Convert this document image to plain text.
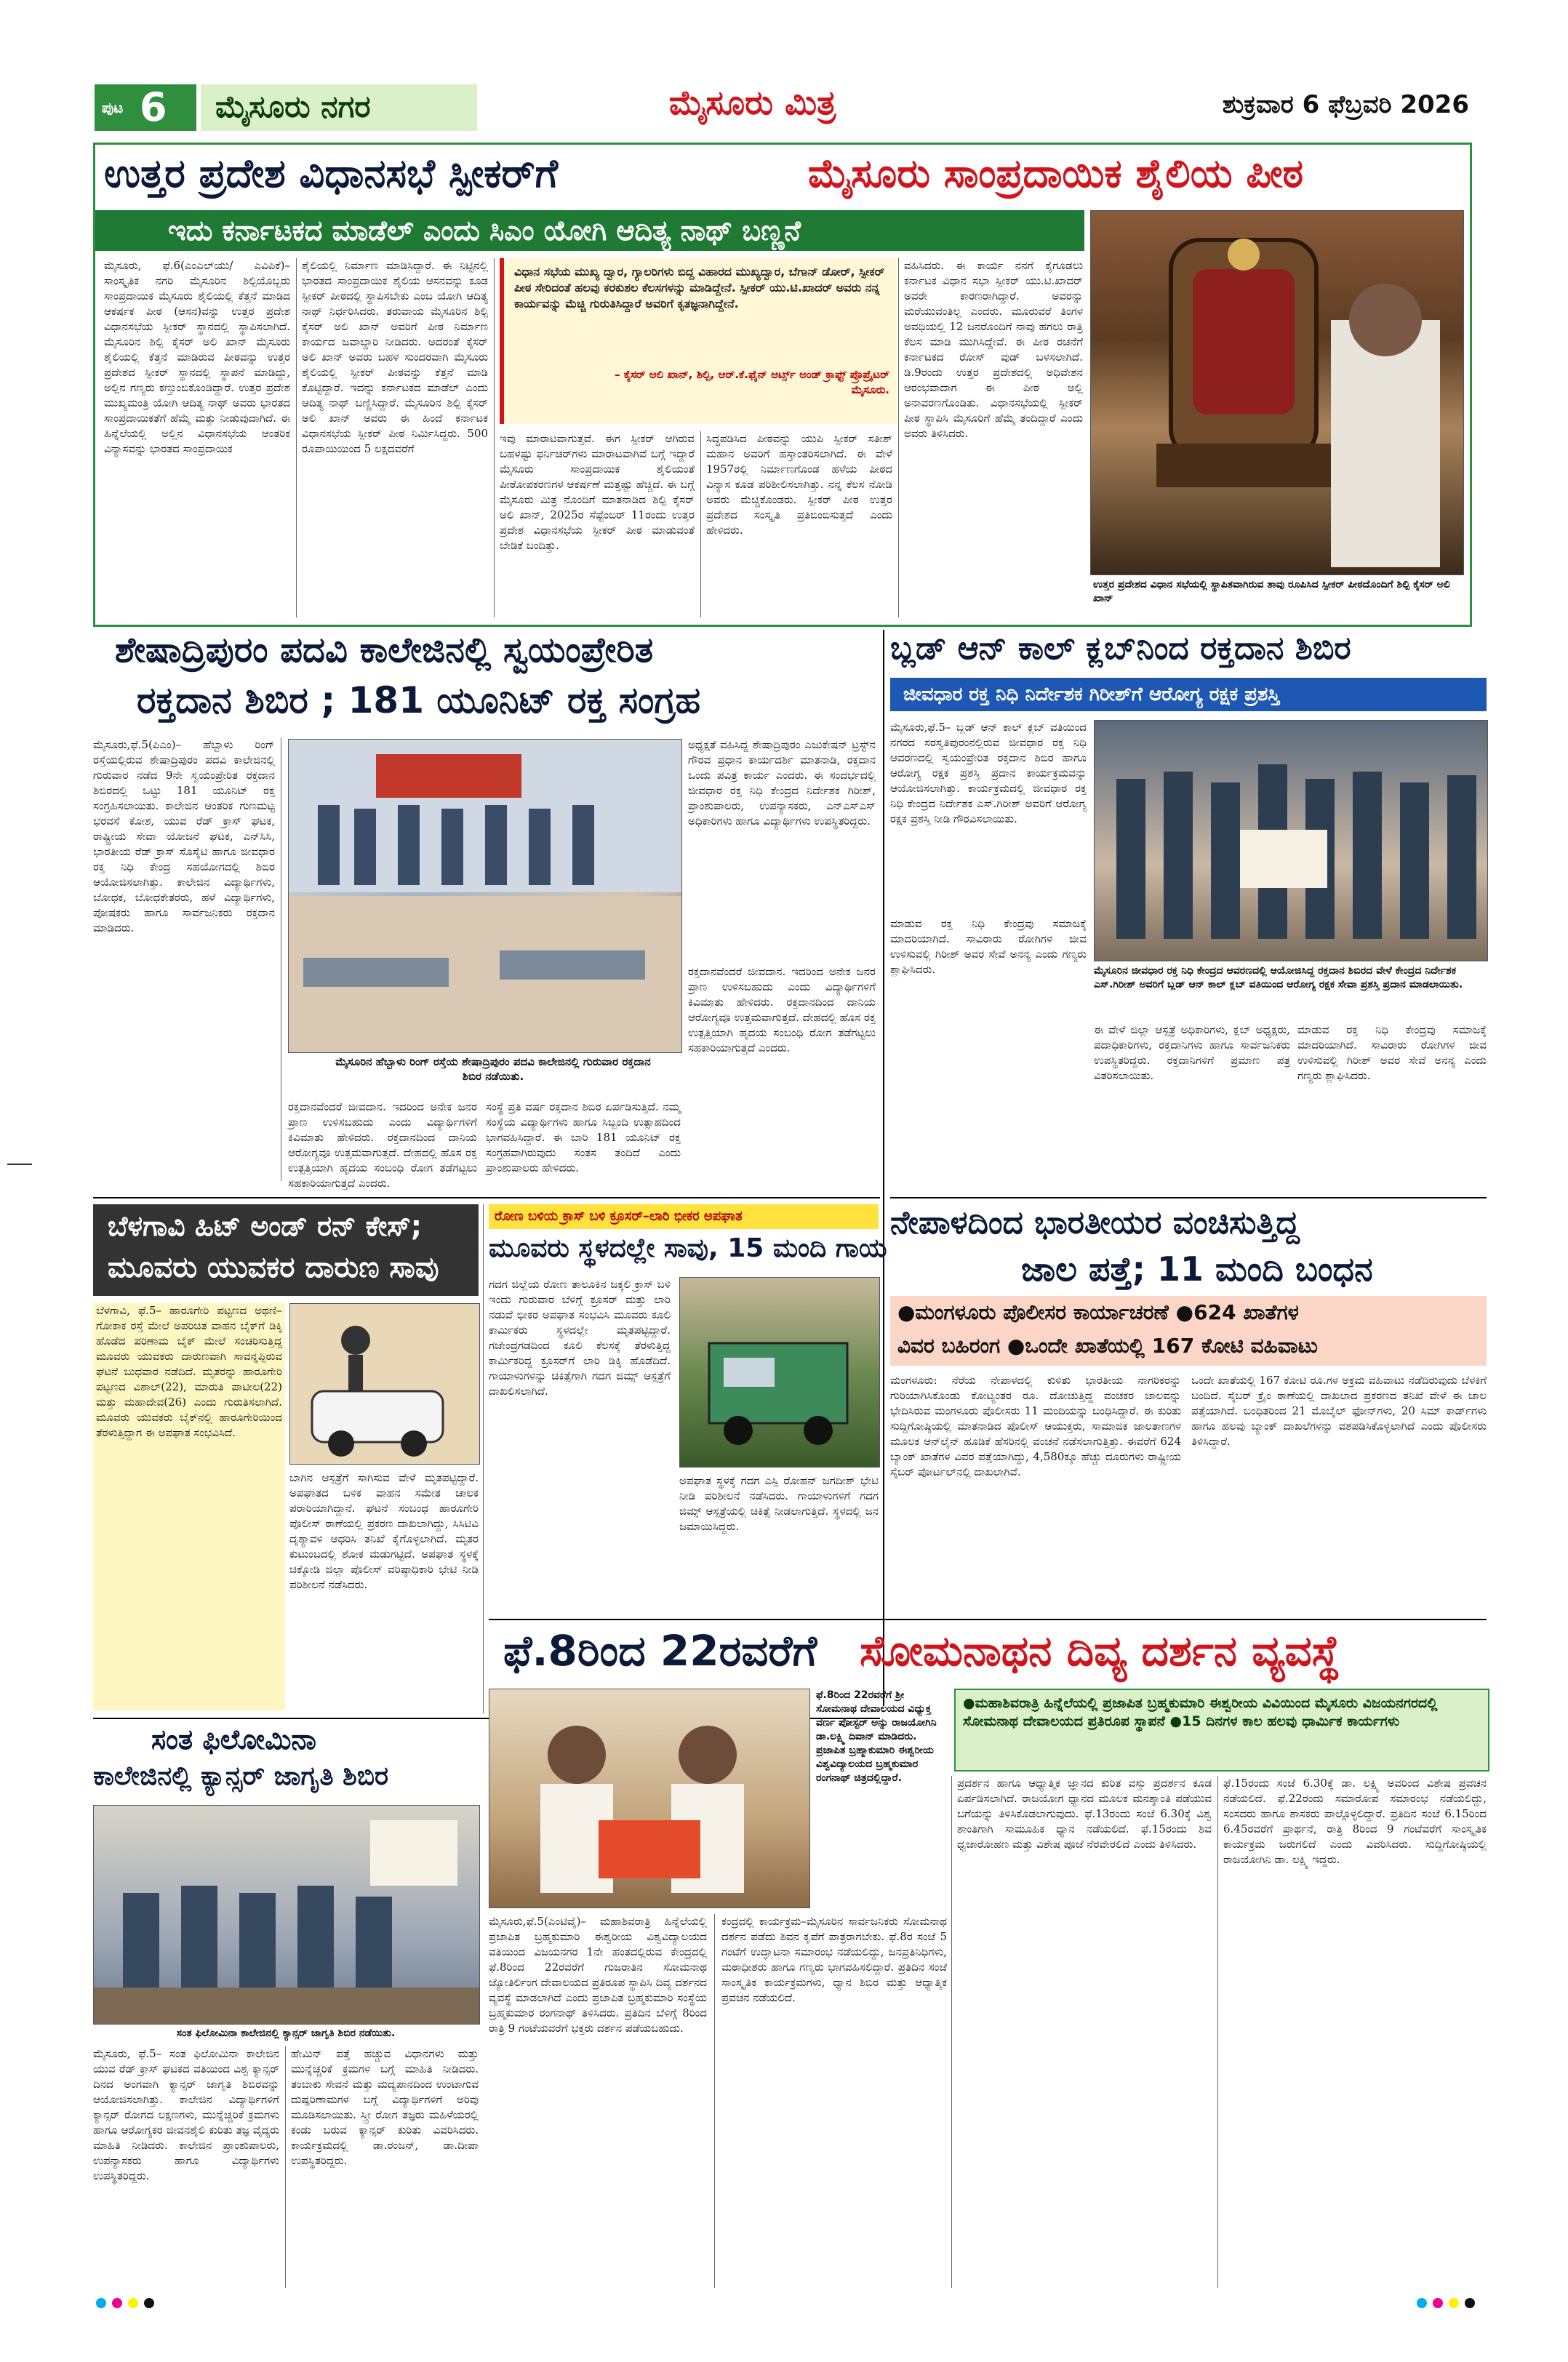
ಪುಟ 6 ಮೈಸೂರು ನಗರ	ಮೈಸೂರು ಮಿತ್ರ	ಶುಕ್ರವಾರ 6 ಫೆಬ್ರವರಿ 2026
ಉತ್ತರ ಪ್ರದೇಶ ವಿಧಾನಸಭೆ ಸ್ಪೀಕರ್‌ಗೆ	ಮೈಸೂರು ಸಾಂಪ್ರದಾಯಿಕ ಶೈಲಿಯ ಪೀಠ
ಇದು ಕರ್ನಾಟಕದ ಮಾಡೆಲ್ ಎಂದು ಸಿಎಂ ಯೋಗಿ ಆದಿತ್ಯ ನಾಥ್ ಬಣ್ಣನೆ
ಮೈಸೂರು, ಫೆ.6(ಎಂಎಲ್‌ಯು/ ಎವಿಪಿಕೆ)– ಸಾಂಸ್ಕೃತಿಕ ನಗರಿ ಮೈಸೂರಿನ ಶಿಲ್ಪಿಯೊಬ್ಬರು ಸಾಂಪ್ರದಾಯಿಕ ಮೈಸೂರು ಶೈಲಿಯಲ್ಲಿ ಕೆತ್ತನೆ ಮಾಡಿದ ಆಕರ್ಷಕ ಪೀಠ (ಆಸನ)ವನ್ನು ಉತ್ತರ ಪ್ರದೇಶ ವಿಧಾನಸಭೆಯ ಸ್ಪೀಕರ್ ಸ್ಥಾನದಲ್ಲಿ ಸ್ಥಾಪಿಸಲಾಗಿದೆ. ಮೈಸೂರಿನ ಶಿಲ್ಪಿ ಕೈಸರ್ ಅಲಿ ಖಾನ್ ಮೈಸೂರು ಶೈಲಿಯಲ್ಲಿ ಕೆತ್ತನೆ ಮಾಡಿರುವ ಪೀಠವನ್ನು ಉತ್ತರ ಪ್ರದೇಶದ ಸ್ಪೀಕರ್ ಸ್ಥಾನದಲ್ಲಿ ಸ್ಥಾಪನೆ ಮಾಡಿದ್ದು, ಅಲ್ಲಿನ ಗಣ್ಯರು ಕಣ್ತುಂಬಿಕೊಂಡಿದ್ದಾರೆ. ಉತ್ತರ ಪ್ರದೇಶ ಮುಖ್ಯಮಂತ್ರಿ ಯೋಗಿ ಆದಿತ್ಯ ನಾಥ್ ಅವರು ಭಾರತದ ಸಾಂಪ್ರದಾಯಿಕತೆಗೆ ಹೆಮ್ಮೆ ಮತ್ತು ನೀಡುವುದಾಗಿದೆ. ಈ ಹಿನ್ನೆಲೆಯಲ್ಲಿ ಅಲ್ಲಿನ ವಿಧಾನಸಭೆಯ ಆಂತರಿಕ ವಿನ್ಯಾಸವನ್ನು ಭಾರತದ ಸಾಂಪ್ರದಾಯಿಕ
ಶೈಲಿಯಲ್ಲಿ ನಿರ್ಮಾಣ ಮಾಡಿಸಿದ್ದಾರೆ. ಈ ನಿಟ್ಟಿನಲ್ಲಿ ಭಾರತದ ಸಾಂಪ್ರದಾಯಿಕ ಶೈಲಿಯ ಆಸನವನ್ನು ಕೂಡ ಸ್ಪೀಕರ್ ಪೀಠದಲ್ಲಿ ಸ್ಥಾಪಿಸಬೇಕು ಎಂಬ ಯೋಗಿ ಆದಿತ್ಯ ನಾಥ್ ನಿರ್ಧರಿಸಿದರು. ತರುವಾಯ ಮೈಸೂರಿನ ಶಿಲ್ಪಿ ಕೈಸರ್ ಅಲಿ ಖಾನ್ ಅವರಿಗೆ ಪೀಠ ನಿರ್ಮಾಣ ಕಾರ್ಯದ ಜವಾಬ್ದಾರಿ ನೀಡಿದರು. ಅದರಂತೆ ಕೈಸರ್ ಅಲಿ ಖಾನ್ ಅವರು ಬಹಳ ಸುಂದರವಾಗಿ ಮೈಸೂರು ಶೈಲಿಯಲ್ಲಿ ಸ್ಪೀಕರ್ ಪೀಠವನ್ನು ಕೆತ್ತನೆ ಮಾಡಿ ಕೊಟ್ಟಿದ್ದಾರೆ. ಇದನ್ನು ಕರ್ನಾಟಕದ ಮಾಡೆಲ್ ಎಂದು ಆದಿತ್ಯ ನಾಥ್ ಬಣ್ಣಿಸಿದ್ದಾರೆ. ಮೈಸೂರಿನ ಶಿಲ್ಪಿ ಕೈಸರ್ ಅಲಿ ಖಾನ್ ಅವರು ಈ ಹಿಂದೆ ಕರ್ನಾಟಕ ವಿಧಾನಸಭೆಯ ಸ್ಪೀಕರ್ ಪೀಠ ನಿರ್ಮಿಸಿದ್ದರು. 500 ರೂಪಾಯಿಯಿಂದ 5 ಲಕ್ಷದವರೆಗೆ
ವಿಧಾನ ಸಭೆಯ ಮುಖ್ಯ ದ್ವಾರ, ಗ್ಯಾಲರಿಗಳು ಬಿದ್ದ ವಿಹಾರದ ಮುಖ್ಯದ್ವಾರ, ಬೆಗಾನ್ ಡೋರ್, ಸ್ಪೀಕರ್ ಪೀಠ ಸೇರಿದಂತೆ ಹಲವು ಕರಕುಶಲ ಕೆಲಸಗಳನ್ನು ಮಾಡಿದ್ದೇನೆ. ಸ್ಪೀಕರ್ ಯು.ಟಿ.ಖಾದರ್ ಅವರು ನನ್ನ ಕಾರ್ಯವನ್ನು ಮೆಚ್ಚಿ ಗುರುತಿಸಿದ್ದಾರೆ ಅವರಿಗೆ ಕೃತಜ್ಞನಾಗಿದ್ದೇನೆ.
– ಕೈಸರ್ ಅಲಿ ಖಾನ್, ಶಿಲ್ಪಿ, ಆರ್.ಕೆ.ಫೈನ್ ಆರ್ಟ್ಸ್ ಅಂಡ್ ಕ್ರಾಫ್ಟ್ ಪ್ರೊಪ್ರೈಟರ್ ಮೈಸೂರು.
ಇವು ಮಾರಾಟವಾಗುತ್ತವೆ. ಈಗ ಸ್ಪೀಕರ್ ಆಗಿರುವ ಬಹಳಷ್ಟು ಫರ್ನಿಚರ್‌ಗಳು ಮಾರಾಟವಾಗಿವೆ ಬಗ್ಗೆ ಇದ್ದಾರೆ ಮೈಸೂರು ಸಾಂಪ್ರದಾಯಿಕ ಶೈಲಿಯಂತೆ ಪೀಠೋಪಕರಣಗಳ ಆಕರ್ಷಣೆ ಮತ್ತಷ್ಟು ಹೆಚ್ಚಿದೆ. ಈ ಬಗ್ಗೆ ಮೈಸೂರು ಮಿತ್ರ ನೊಂದಿಗೆ ಮಾತನಾಡಿದ ಶಿಲ್ಪಿ ಕೈಸರ್ ಅಲಿ ಖಾನ್, 2025ರ ಸೆಪ್ಟೆಂಬರ್ 11ರಂದು ಉತ್ತರ ಪ್ರದೇಶ ವಿಧಾನಸಭೆಯ ಸ್ಪೀಕರ್ ಪೀಠ ಮಾಡುವಂತೆ ಬೇಡಿಕೆ ಬಂದಿತ್ತು.
ಸಿದ್ಧಪಡಿಸಿದ ಪೀಠವನ್ನು ಯುಪಿ ಸ್ಪೀಕರ್ ಸತೀಶ್ ಮಹಾನ ಅವರಿಗೆ ಹಸ್ತಾಂತರಿಸಲಾಗಿದೆ. ಈ ವೇಳೆ 1957ರಲ್ಲಿ ನಿರ್ಮಾಣಗೊಂಡ ಹಳೆಯ ಪೀಠದ ವಿನ್ಯಾಸ ಕೂಡ ಪರಿಶೀಲಿಸಲಾಗಿತ್ತು. ನನ್ನ ಕೆಲಸ ನೋಡಿ ಅವರು ಮೆಚ್ಚಿಕೊಂಡರು. ಸ್ಪೀಕರ್ ಪೀಠ ಉತ್ತರ ಪ್ರದೇಶದ ಸಂಸ್ಕೃತಿ ಪ್ರತಿಬಿಂಬಿಸುತ್ತದೆ ಎಂದು ಹೇಳಿದರು.
ವಹಿಸಿದರು. ಈ ಕಾರ್ಯ ನನಗೆ ಕೈಗೂಡಲು ಕರ್ನಾಟಕ ವಿಧಾನ ಸಭಾ ಸ್ಪೀಕರ್ ಯು.ಟಿ.ಖಾದರ್ ಅವರೇ ಕಾರಣರಾಗಿದ್ದಾರೆ. ಅವರನ್ನು ಮರೆಯುವಂತಿಲ್ಲ ಎಂದರು. ಮೂರುವರೆ ತಿಂಗಳ ಅವಧಿಯಲ್ಲಿ 12 ಜನರೊಂದಿಗೆ ನಾವು ಹಗಲು ರಾತ್ರಿ ಕೆಲಸ ಮಾಡಿ ಮುಗಿಸಿದ್ದೇವೆ. ಈ ಪೀಠ ರಚನೆಗೆ ಕರ್ನಾಟಕದ ರೋಸ್ ವುಡ್ ಬಳಸಲಾಗಿದೆ. ಡಿ.9ರಂದು ಉತ್ತರ ಪ್ರದೇಶದಲ್ಲಿ ಅಧಿವೇಶನ ಆರಂಭವಾದಾಗ ಈ ಪೀಠ ಅಲ್ಲಿ ಅನಾವರಣಗೊಂಡಿತು. ವಿಧಾನಸಭೆಯಲ್ಲಿ ಸ್ಪೀಕರ್ ಪೀಠ ಸ್ಥಾಪಿಸಿ ಮೈಸೂರಿಗೆ ಹೆಮ್ಮೆ ತಂದಿದ್ದಾರೆ ಎಂದು ಅವರು ತಿಳಿಸಿದರು.
ಉತ್ತರ ಪ್ರದೇಶದ ವಿಧಾನ ಸಭೆಯಲ್ಲಿ ಸ್ಥಾಪಿತವಾಗಿರುವ ತಾವು ರೂಪಿಸಿದ ಸ್ಪೀಕರ್ ಪೀಠದೊಂದಿಗೆ ಶಿಲ್ಪಿ ಕೈಸರ್ ಅಲಿ ಖಾನ್
ಶೇಷಾದ್ರಿಪುರಂ ಪದವಿ ಕಾಲೇಜಿನಲ್ಲಿ ಸ್ವಯಂಪ್ರೇರಿತ
ರಕ್ತದಾನ ಶಿಬಿರ ; 181 ಯೂನಿಟ್ ರಕ್ತ ಸಂಗ್ರಹ
ಮೈಸೂರು,ಫೆ.5(ಪಿಎಂ)– ಹೆಬ್ಬಾಳು ರಿಂಗ್ ರಸ್ತೆಯಲ್ಲಿರುವ ಶೇಷಾದ್ರಿಪುರಂ ಪದವಿ ಕಾಲೇಜಿನಲ್ಲಿ ಗುರುವಾರ ನಡೆದ 9ನೇ ಸ್ವಯಂಪ್ರೇರಿತ ರಕ್ತದಾನ ಶಿಬಿರದಲ್ಲಿ ಒಟ್ಟು 181 ಯೂನಿಟ್ ರಕ್ತ ಸಂಗ್ರಹಿಸಲಾಯಿತು. ಕಾಲೇಜಿನ ಆಂತರಿಕ ಗುಣಮಟ್ಟ ಭರವಸೆ ಕೋಶ, ಯುವ ರೆಡ್ ಕ್ರಾಸ್ ಘಟಕ, ರಾಷ್ಟ್ರೀಯ ಸೇವಾ ಯೋಜನೆ ಘಟಕ, ಎನ್‌ಸಿಸಿ, ಭಾರತೀಯ ರೆಡ್ ಕ್ರಾಸ್ ಸೊಸೈಟಿ ಹಾಗೂ ಜೀವಧಾರ ರಕ್ತ ನಿಧಿ ಕೇಂದ್ರ ಸಹಯೋಗದಲ್ಲಿ ಶಿಬಿರ ಆಯೋಜಿಸಲಾಗಿತ್ತು. ಕಾಲೇಜಿನ ವಿದ್ಯಾರ್ಥಿಗಳು, ಬೋಧಕ, ಬೋಧಕೇತರರು, ಹಳೆ ವಿದ್ಯಾರ್ಥಿಗಳು, ಪೋಷಕರು ಹಾಗೂ ಸಾರ್ವಜನಿಕರು ರಕ್ತದಾನ ಮಾಡಿದರು.
ಮೈಸೂರಿನ ಹೆಬ್ಬಾಳು ರಿಂಗ್ ರಸ್ತೆಯ ಶೇಷಾದ್ರಿಪುರಂ ಪದವಿ ಕಾಲೇಜಿನಲ್ಲಿ ಗುರುವಾರ ರಕ್ತದಾನ ಶಿಬಿರ ನಡೆಯಿತು.
ಅಧ್ಯಕ್ಷತೆ ವಹಿಸಿದ್ದ ಶೇಷಾದ್ರಿಪುರಂ ಎಜುಕೇಷನ್ ಟ್ರಸ್ಟ್‌ನ ಗೌರವ ಪ್ರಧಾನ ಕಾರ್ಯದರ್ಶಿ ಮಾತನಾಡಿ, ರಕ್ತದಾನ ಒಂದು ಪವಿತ್ರ ಕಾರ್ಯ ಎಂದರು. ಈ ಸಂದರ್ಭದಲ್ಲಿ ಜೀವಧಾರ ರಕ್ತ ನಿಧಿ ಕೇಂದ್ರದ ನಿರ್ದೇಶಕ ಗಿರೀಶ್, ಪ್ರಾಂಶುಪಾಲರು, ಉಪನ್ಯಾಸಕರು, ಎನ್‌ಎಸ್‌ಎಸ್ ಅಧಿಕಾರಿಗಳು ಹಾಗೂ ವಿದ್ಯಾರ್ಥಿಗಳು ಉಪಸ್ಥಿತರಿದ್ದರು.
ರಕ್ತದಾನವೆಂದರೆ ಜೀವದಾನ. ಇದರಿಂದ ಅನೇಕ ಜನರ ಪ್ರಾಣ ಉಳಿಸಬಹುದು ಎಂದು ವಿದ್ಯಾರ್ಥಿಗಳಿಗೆ ಕಿವಿಮಾತು ಹೇಳಿದರು. ರಕ್ತದಾನದಿಂದ ದಾನಿಯ ಆರೋಗ್ಯವೂ ಉತ್ತಮವಾಗುತ್ತದೆ. ದೇಹದಲ್ಲಿ ಹೊಸ ರಕ್ತ ಉತ್ಪತ್ತಿಯಾಗಿ ಹೃದಯ ಸಂಬಂಧಿ ರೋಗ ತಡೆಗಟ್ಟಲು ಸಹಕಾರಿಯಾಗುತ್ತದೆ ಎಂದರು.
ಸಂಸ್ಥೆ ಪ್ರತಿ ವರ್ಷ ರಕ್ತದಾನ ಶಿಬಿರ ಏರ್ಪಡಿಸುತ್ತಿದೆ. ನಮ್ಮ ಸಂಸ್ಥೆಯ ವಿದ್ಯಾರ್ಥಿಗಳು ಹಾಗೂ ಸಿಬ್ಬಂದಿ ಉತ್ಸಾಹದಿಂದ ಭಾಗವಹಿಸಿದ್ದಾರೆ. ಈ ಬಾರಿ 181 ಯೂನಿಟ್ ರಕ್ತ ಸಂಗ್ರಹವಾಗಿರುವುದು ಸಂತಸ ತಂದಿದೆ ಎಂದು ಪ್ರಾಂಶುಪಾಲರು ಹೇಳಿದರು.
ರಕ್ತದಾನವೆಂದರೆ ಜೀವದಾನ. ಇದರಿಂದ ಅನೇಕ ಜನರ ಪ್ರಾಣ ಉಳಿಸಬಹುದು ಎಂದು ವಿದ್ಯಾರ್ಥಿಗಳಿಗೆ ಕಿವಿಮಾತು ಹೇಳಿದರು. ರಕ್ತದಾನದಿಂದ ದಾನಿಯ ಆರೋಗ್ಯವೂ ಉತ್ತಮವಾಗುತ್ತದೆ. ದೇಹದಲ್ಲಿ ಹೊಸ ರಕ್ತ ಉತ್ಪತ್ತಿಯಾಗಿ ಹೃದಯ ಸಂಬಂಧಿ ರೋಗ ತಡೆಗಟ್ಟಲು ಸಹಕಾರಿಯಾಗುತ್ತದೆ ಎಂದರು.
ಬ್ಲಡ್ ಆನ್ ಕಾಲ್ ಕ್ಲಬ್‌ನಿಂದ ರಕ್ತದಾನ ಶಿಬಿರ
ಜೀವಧಾರ ರಕ್ತ ನಿಧಿ ನಿರ್ದೇಶಕ ಗಿರೀಶ್‌ಗೆ ಆರೋಗ್ಯ ರಕ್ಷಕ ಪ್ರಶಸ್ತಿ
ಮೈಸೂರು,ಫೆ.5– ಬ್ಲಡ್ ಆನ್ ಕಾಲ್ ಕ್ಲಬ್ ವತಿಯಿಂದ ನಗರದ ಸರಸ್ವತಿಪುರಂನಲ್ಲಿರುವ ಜೀವಧಾರ ರಕ್ತ ನಿಧಿ ಆವರಣದಲ್ಲಿ ಸ್ವಯಂಪ್ರೇರಿತ ರಕ್ತದಾನ ಶಿಬಿರ ಹಾಗೂ ಆರೋಗ್ಯ ರಕ್ಷಕ ಪ್ರಶಸ್ತಿ ಪ್ರದಾನ ಕಾರ್ಯಕ್ರಮವನ್ನು ಆಯೋಜಿಸಲಾಗಿತ್ತು. ಕಾರ್ಯಕ್ರಮದಲ್ಲಿ ಜೀವಧಾರ ರಕ್ತ ನಿಧಿ ಕೇಂದ್ರದ ನಿರ್ದೇಶಕ ಎಸ್.ಗಿರೀಶ್ ಅವರಿಗೆ ಆರೋಗ್ಯ ರಕ್ಷಕ ಪ್ರಶಸ್ತಿ ನೀಡಿ ಗೌರವಿಸಲಾಯಿತು.
ಮೈಸೂರಿನ ಜೀವಧಾರ ರಕ್ತ ನಿಧಿ ಕೇಂದ್ರದ ಆವರಣದಲ್ಲಿ ಆಯೋಜಿಸಿದ್ದ ರಕ್ತದಾನ ಶಿಬಿರದ ವೇಳೆ ಕೇಂದ್ರದ ನಿರ್ದೇಶಕ ಎಸ್.ಗಿರೀಶ್ ಅವರಿಗೆ ಬ್ಲಡ್ ಆನ್ ಕಾಲ್ ಕ್ಲಬ್ ವತಿಯಿಂದ ಆರೋಗ್ಯ ರಕ್ಷಕ ಸೇವಾ ಪ್ರಶಸ್ತಿ ಪ್ರದಾನ ಮಾಡಲಾಯಿತು.
ಮಾಡುವ ರಕ್ತ ನಿಧಿ ಕೇಂದ್ರವು ಸಮಾಜಕ್ಕೆ ಮಾದರಿಯಾಗಿದೆ. ಸಾವಿರಾರು ರೋಗಿಗಳ ಜೀವ ಉಳಿಸುವಲ್ಲಿ ಗಿರೀಶ್ ಅವರ ಸೇವೆ ಅನನ್ಯ ಎಂದು ಗಣ್ಯರು ಶ್ಲಾಘಿಸಿದರು.
ಈ ವೇಳೆ ಜಿಲ್ಲಾ ಆಸ್ಪತ್ರೆ ಅಧಿಕಾರಿಗಳು, ಕ್ಲಬ್ ಅಧ್ಯಕ್ಷರು, ಪದಾಧಿಕಾರಿಗಳು, ರಕ್ತದಾನಿಗಳು ಹಾಗೂ ಸಾರ್ವಜನಿಕರು ಉಪಸ್ಥಿತರಿದ್ದರು. ರಕ್ತದಾನಿಗಳಿಗೆ ಪ್ರಮಾಣ ಪತ್ರ ವಿತರಿಸಲಾಯಿತು.
ಮಾಡುವ ರಕ್ತ ನಿಧಿ ಕೇಂದ್ರವು ಸಮಾಜಕ್ಕೆ ಮಾದರಿಯಾಗಿದೆ. ಸಾವಿರಾರು ರೋಗಿಗಳ ಜೀವ ಉಳಿಸುವಲ್ಲಿ ಗಿರೀಶ್ ಅವರ ಸೇವೆ ಅನನ್ಯ ಎಂದು ಗಣ್ಯರು ಶ್ಲಾಘಿಸಿದರು.
ಬೆಳಗಾವಿ ಹಿಟ್ ಅಂಡ್ ರನ್ ಕೇಸ್;
ಮೂವರು ಯುವಕರ ದಾರುಣ ಸಾವು
ಬೆಳಗಾವಿ, ಫೆ.5– ಹಾರೂಗೇರಿ ಪಟ್ಟಣದ ಅಥಣಿ–ಗೋಕಾಕ ರಸ್ತೆ ಮೇಲೆ ಅಪರಿಚಿತ ವಾಹನ ಬೈಕ್‌ಗೆ ಡಿಕ್ಕಿ ಹೊಡೆದ ಪರಿಣಾಮ ಬೈಕ್ ಮೇಲೆ ಸಂಚರಿಸುತ್ತಿದ್ದ ಮೂವರು ಯುವಕರು ದಾರುಣವಾಗಿ ಸಾವನ್ನಪ್ಪಿರುವ ಘಟನೆ ಬುಧವಾರ ನಡೆದಿದೆ. ಮೃತರನ್ನು ಹಾರೂಗೇರಿ ಪಟ್ಟಣದ ವಿಶಾಲ್(22), ಮಾರುತಿ ಪಾಟೀಲ(22) ಮತ್ತು ಮಹಾದೇವ(26) ಎಂದು ಗುರುತಿಸಲಾಗಿದೆ. ಮೂವರು ಯುವಕರು ಬೈಕ್‌ನಲ್ಲಿ ಹಾರೂಗೇರಿಯಿಂದ ತೆರಳುತ್ತಿದ್ದಾಗ ಈ ಅಪಘಾತ ಸಂಭವಿಸಿದೆ.
ಬಾಗಿನ ಆಸ್ಪತ್ರೆಗೆ ಸಾಗಿಸುವ ವೇಳೆ ಮೃತಪಟ್ಟಿದ್ದಾರೆ. ಅಪಘಾತದ ಬಳಿಕ ವಾಹನ ಸಮೇತ ಚಾಲಕ ಪರಾರಿಯಾಗಿದ್ದಾನೆ. ಘಟನೆ ಸಂಬಂಧ ಹಾರೂಗೇರಿ ಪೊಲೀಸ್ ಠಾಣೆಯಲ್ಲಿ ಪ್ರಕರಣ ದಾಖಲಾಗಿದ್ದು, ಸಿಸಿಟಿವಿ ದೃಶ್ಯಾವಳಿ ಆಧರಿಸಿ ತನಿಖೆ ಕೈಗೊಳ್ಳಲಾಗಿದೆ. ಮೃತರ ಕುಟುಂಬದಲ್ಲಿ ಶೋಕ ಮಡುಗಟ್ಟಿದೆ. ಅಪಘಾತ ಸ್ಥಳಕ್ಕೆ ಚಿಕ್ಕೋಡಿ ಜಿಲ್ಲಾ ಪೊಲೀಸ್ ವರಿಷ್ಠಾಧಿಕಾರಿ ಭೇಟಿ ನೀಡಿ ಪರಿಶೀಲನೆ ನಡೆಸಿದರು.
ರೋಣ ಬಳಿಯ ಕ್ರಾಸ್ ಬಳಿ ಕ್ರೂಸರ್–ಲಾರಿ ಭೀಕರ ಅಪಘಾತ
ಮೂವರು ಸ್ಥಳದಲ್ಲೇ ಸಾವು, 15 ಮಂದಿ ಗಾಯ
ಗದಗ ಜಿಲ್ಲೆಯ ರೋಣ ತಾಲೂಕಿನ ಜಕ್ಕಲಿ ಕ್ರಾಸ್ ಬಳಿ ಇಂದು ಗುರುವಾರ ಬೆಳಿಗ್ಗೆ ಕ್ರೂಸರ್ ಮತ್ತು ಲಾರಿ ನಡುವೆ ಭೀಕರ ಅಪಘಾತ ಸಂಭವಿಸಿ ಮೂವರು ಕೂಲಿ ಕಾರ್ಮಿಕರು ಸ್ಥಳದಲ್ಲೇ ಮೃತಪಟ್ಟಿದ್ದಾರೆ. ಗಜೇಂದ್ರಗಡದಿಂದ ಕೂಲಿ ಕೆಲಸಕ್ಕೆ ತೆರಳುತ್ತಿದ್ದ ಕಾರ್ಮಿಕರಿದ್ದ ಕ್ರೂಸರ್‌ಗೆ ಲಾರಿ ಡಿಕ್ಕಿ ಹೊಡೆದಿದೆ. ಗಾಯಾಳುಗಳನ್ನು ಚಿಕಿತ್ಸೆಗಾಗಿ ಗದಗ ಜಿಮ್ಸ್ ಆಸ್ಪತ್ರೆಗೆ ದಾಖಲಿಸಲಾಗಿದೆ.
ಅಪಘಾತ ಸ್ಥಳಕ್ಕೆ ಗದಗ ಎಸ್ಪಿ ರೋಹನ್ ಜಗದೀಶ್ ಭೇಟಿ ನೀಡಿ ಪರಿಶೀಲನೆ ನಡೆಸಿದರು. ಗಾಯಾಳುಗಳಿಗೆ ಗದಗ ಜಿಮ್ಸ್ ಆಸ್ಪತ್ರೆಯಲ್ಲಿ ಚಿಕಿತ್ಸೆ ನೀಡಲಾಗುತ್ತಿದೆ. ಸ್ಥಳದಲ್ಲಿ ಜನ ಜಮಾಯಿಸಿದ್ದರು.
ನೇಪಾಳದಿಂದ ಭಾರತೀಯರ ವಂಚಿಸುತ್ತಿದ್ದ
ಜಾಲ ಪತ್ತೆ; 11 ಮಂದಿ ಬಂಧನ
●ಮಂಗಳೂರು ಪೊಲೀಸರ ಕಾರ್ಯಾಚರಣೆ ●624 ಖಾತೆಗಳ
ವಿವರ ಬಹಿರಂಗ ●ಒಂದೇ ಖಾತೆಯಲ್ಲಿ 167 ಕೋಟಿ ವಹಿವಾಟು
ಮಂಗಳೂರು: ನೆರೆಯ ನೇಪಾಳದಲ್ಲಿ ಕುಳಿತು ಭಾರತೀಯ ನಾಗರಿಕರನ್ನು ಗುರಿಯಾಗಿಸಿಕೊಂಡು ಕೋಟ್ಯಂತರ ರೂ. ದೋಚುತ್ತಿದ್ದ ವಂಚಕರ ಜಾಲವನ್ನು ಭೇದಿಸಿರುವ ಮಂಗಳೂರು ಪೊಲೀಸರು 11 ಮಂದಿಯನ್ನು ಬಂಧಿಸಿದ್ದಾರೆ. ಈ ಕುರಿತು ಸುದ್ದಿಗೋಷ್ಠಿಯಲ್ಲಿ ಮಾತನಾಡಿದ ಪೊಲೀಸ್ ಆಯುಕ್ತರು, ಸಾಮಾಜಿಕ ಜಾಲತಾಣಗಳ ಮೂಲಕ ಆನ್‌ಲೈನ್ ಹೂಡಿಕೆ ಹೆಸರಿನಲ್ಲಿ ವಂಚನೆ ನಡೆಸಲಾಗುತ್ತಿತ್ತು. ಈವರೆಗೆ 624 ಬ್ಯಾಂಕ್ ಖಾತೆಗಳ ವಿವರ ಪತ್ತೆಯಾಗಿದ್ದು, 4,580ಕ್ಕೂ ಹೆಚ್ಚು ದೂರುಗಳು ರಾಷ್ಟ್ರೀಯ ಸೈಬರ್ ಪೋರ್ಟಲ್‌ನಲ್ಲಿ ದಾಖಲಾಗಿವೆ.
ಒಂದೇ ಖಾತೆಯಲ್ಲಿ 167 ಕೋಟಿ ರೂ.ಗಳ ಅಕ್ರಮ ವಹಿವಾಟು ನಡೆದಿರುವುದು ಬೆಳಕಿಗೆ ಬಂದಿದೆ. ಸೈಬರ್ ಕ್ರೈಂ ಠಾಣೆಯಲ್ಲಿ ದಾಖಲಾದ ಪ್ರಕರಣದ ತನಿಖೆ ವೇಳೆ ಈ ಜಾಲ ಪತ್ತೆಯಾಗಿದೆ. ಬಂಧಿತರಿಂದ 21 ಮೊಬೈಲ್ ಫೋನ್‌ಗಳು, 20 ಸಿಮ್ ಕಾರ್ಡ್‌ಗಳು ಹಾಗೂ ಹಲವು ಬ್ಯಾಂಕ್ ದಾಖಲೆಗಳನ್ನು ವಶಪಡಿಸಿಕೊಳ್ಳಲಾಗಿದೆ ಎಂದು ಪೊಲೀಸರು ತಿಳಿಸಿದ್ದಾರೆ.
ಸಂತ ಫಿಲೋಮಿನಾ
ಕಾಲೇಜಿನಲ್ಲಿ ಕ್ಯಾನ್ಸರ್ ಜಾಗೃತಿ ಶಿಬಿರ
ಸಂತ ಫಿಲೋಮಿನಾ ಕಾಲೇಜಿನಲ್ಲಿ ಕ್ಯಾನ್ಸರ್ ಜಾಗೃತಿ ಶಿಬಿರ ನಡೆಯಿತು.
ಮೈಸೂರು, ಫೆ.5– ಸಂತ ಫಿಲೋಮಿನಾ ಕಾಲೇಜಿನ ಯುವ ರೆಡ್ ಕ್ರಾಸ್ ಘಟಕದ ವತಿಯಿಂದ ವಿಶ್ವ ಕ್ಯಾನ್ಸರ್ ದಿನದ ಅಂಗವಾಗಿ ಕ್ಯಾನ್ಸರ್ ಜಾಗೃತಿ ಶಿಬಿರವನ್ನು ಆಯೋಜಿಸಲಾಗಿತ್ತು. ಕಾಲೇಜಿನ ವಿದ್ಯಾರ್ಥಿಗಳಿಗೆ ಕ್ಯಾನ್ಸರ್ ರೋಗದ ಲಕ್ಷಣಗಳು, ಮುನ್ನೆಚ್ಚರಿಕೆ ಕ್ರಮಗಳು ಹಾಗೂ ಆರೋಗ್ಯಕರ ಜೀವನಶೈಲಿ ಕುರಿತು ತಜ್ಞ ವೈದ್ಯರು ಮಾಹಿತಿ ನೀಡಿದರು. ಕಾಲೇಜಿನ ಪ್ರಾಂಶುಪಾಲರು, ಉಪನ್ಯಾಸಕರು ಹಾಗೂ ವಿದ್ಯಾರ್ಥಿಗಳು ಉಪಸ್ಥಿತರಿದ್ದರು.
ಹೇಮಿನ್ ಪತ್ತೆ ಹಚ್ಚುವ ವಿಧಾನಗಳು ಮತ್ತು ಮುನ್ನೆಚ್ಚರಿಕೆ ಕ್ರಮಗಳ ಬಗ್ಗೆ ಮಾಹಿತಿ ನೀಡಿದರು. ತಂಬಾಕು ಸೇವನೆ ಮತ್ತು ಮದ್ಯಪಾನದಿಂದ ಉಂಟಾಗುವ ದುಷ್ಪರಿಣಾಮಗಳ ಬಗ್ಗೆ ವಿದ್ಯಾರ್ಥಿಗಳಿಗೆ ಅರಿವು ಮೂಡಿಸಲಾಯಿತು. ಸ್ತ್ರೀ ರೋಗ ತಜ್ಞರು ಮಹಿಳೆಯರಲ್ಲಿ ಕಂಡು ಬರುವ ಕ್ಯಾನ್ಸರ್ ಕುರಿತು ವಿವರಿಸಿದರು. ಕಾರ್ಯಕ್ರಮದಲ್ಲಿ ಡಾ.ರಂಜನ್, ಡಾ.ದೀಪಾ ಉಪಸ್ಥಿತರಿದ್ದರು.
ಫೆ.8ರಿಂದ 22ರವರೆಗೆ ಸೋಮನಾಥನ ದಿವ್ಯ ದರ್ಶನ ವ್ಯವಸ್ಥೆ
ಫೆ.8ರಿಂದ 22ರವರೆಗೆ ಶ್ರೀ ಸೋಮನಾಥ ದೇವಾಲಯದ ವಿಧ್ಯುಕ್ತ ವರ್ಣ ಪೋಸ್ಟರ್ ಅನ್ನು ರಾಜಯೋಗಿನಿ ಡಾ.ಲಕ್ಷ್ಮಿ ದಿವಾನ್ ಮಾಡಿದರು. ಪ್ರಜಾಪಿತ ಬ್ರಹ್ಮಾಕುಮಾರಿ ಈಶ್ವರೀಯ ವಿಶ್ವವಿದ್ಯಾಲಯದ ಬ್ರಹ್ಮಕುಮಾರ ರಂಗನಾಥ್ ಚಿತ್ರದಲ್ಲಿದ್ದಾರೆ.
●ಮಹಾಶಿವರಾತ್ರಿ ಹಿನ್ನೆಲೆಯಲ್ಲಿ ಪ್ರಜಾಪಿತ ಬ್ರಹ್ಮಕುಮಾರಿ ಈಶ್ವರೀಯ ವಿವಿಯಿಂದ ಮೈಸೂರು ವಿಜಯನಗರದಲ್ಲಿ ಸೋಮನಾಥ ದೇವಾಲಯದ ಪ್ರತಿರೂಪ ಸ್ಥಾಪನೆ ●15 ದಿನಗಳ ಕಾಲ ಹಲವು ಧಾರ್ಮಿಕ ಕಾರ್ಯಗಳು
ಮೈಸೂರು,ಫೆ.5(ಎಂಟಿವೈ)– ಮಹಾಶಿವರಾತ್ರಿ ಹಿನ್ನೆಲೆಯಲ್ಲಿ ಪ್ರಜಾಪಿತ ಬ್ರಹ್ಮಕುಮಾರಿ ಈಶ್ವರೀಯ ವಿಶ್ವವಿದ್ಯಾಲಯದ ವತಿಯಿಂದ ವಿಜಯನಗರ 1ನೇ ಹಂತದಲ್ಲಿರುವ ಕೇಂದ್ರದಲ್ಲಿ ಫೆ.8ರಿಂದ 22ರವರೆಗೆ ಗುಜರಾತಿನ ಸೋಮನಾಥ ಜ್ಯೋತಿರ್ಲಿಂಗ ದೇವಾಲಯದ ಪ್ರತಿರೂಪ ಸ್ಥಾಪಿಸಿ ದಿವ್ಯ ದರ್ಶನದ ವ್ಯವಸ್ಥೆ ಮಾಡಲಾಗಿದೆ ಎಂದು ಪ್ರಜಾಪಿತ ಬ್ರಹ್ಮಕುಮಾರಿ ಸಂಸ್ಥೆಯ ಬ್ರಹ್ಮಕುಮಾರ ರಂಗನಾಥ್ ತಿಳಿಸಿದರು. ಪ್ರತಿದಿನ ಬೆಳಿಗ್ಗೆ 8ರಿಂದ ರಾತ್ರಿ 9 ಗಂಟೆಯವರೆಗೆ ಭಕ್ತರು ದರ್ಶನ ಪಡೆಯಬಹುದು.
ಕಂದ್ರದಲ್ಲಿ ಕಾರ್ಯಕ್ರಮ–ಮೈಸೂರಿನ ಸಾರ್ವಜನಿಕರು ಸೋಮನಾಥ ದರ್ಶನ ಪಡೆದು ಶಿವನ ಕೃಪೆಗೆ ಪಾತ್ರರಾಗಬೇಕು. ಫೆ.8ರ ಸಂಜೆ 5 ಗಂಟೆಗೆ ಉದ್ಘಾಟನಾ ಸಮಾರಂಭ ನಡೆಯಲಿದ್ದು, ಜನಪ್ರತಿನಿಧಿಗಳು, ಮಠಾಧೀಶರು ಹಾಗೂ ಗಣ್ಯರು ಭಾಗವಹಿಸಲಿದ್ದಾರೆ. ಪ್ರತಿದಿನ ಸಂಜೆ ಸಾಂಸ್ಕೃತಿಕ ಕಾರ್ಯಕ್ರಮಗಳು, ಧ್ಯಾನ ಶಿಬಿರ ಮತ್ತು ಆಧ್ಯಾತ್ಮಿಕ ಪ್ರವಚನ ನಡೆಯಲಿದೆ.
ಪ್ರದರ್ಶನ ಹಾಗೂ ಆಧ್ಯಾತ್ಮಿಕ ಜ್ಞಾನದ ಕುರಿತ ವಸ್ತು ಪ್ರದರ್ಶನ ಕೂಡ ಏರ್ಪಡಿಸಲಾಗಿದೆ. ರಾಜಯೋಗ ಧ್ಯಾನದ ಮೂಲಕ ಮನಶ್ಶಾಂತಿ ಪಡೆಯುವ ಬಗೆಯನ್ನು ತಿಳಿಸಿಕೊಡಲಾಗುವುದು. ಫೆ.13ರಂದು ಸಂಜೆ 6.30ಕ್ಕೆ ವಿಶ್ವ ಶಾಂತಿಗಾಗಿ ಸಾಮೂಹಿಕ ಧ್ಯಾನ ನಡೆಯಲಿದೆ. ಫೆ.15ರಂದು ಶಿವ ಧ್ವಜಾರೋಹಣ ಮತ್ತು ವಿಶೇಷ ಪೂಜೆ ನೆರವೇರಲಿದೆ ಎಂದು ತಿಳಿಸಿದರು.
ಫೆ.15ರಂದು ಸಂಜೆ 6.30ಕ್ಕೆ ಡಾ. ಲಕ್ಷ್ಮಿ ಅವರಿಂದ ವಿಶೇಷ ಪ್ರವಚನ ನಡೆಯಲಿದೆ. ಫೆ.22ರಂದು ಸಮಾರೋಪ ಸಮಾರಂಭ ನಡೆಯಲಿದ್ದು, ಸಂಸದರು ಹಾಗೂ ಶಾಸಕರು ಪಾಲ್ಗೊಳ್ಳಲಿದ್ದಾರೆ. ಪ್ರತಿದಿನ ಸಂಜೆ 6.15ರಿಂದ 6.45ರವರೆಗೆ ಪ್ರಾರ್ಥನೆ, ರಾತ್ರಿ 8ರಿಂದ 9 ಗಂಟೆವರೆಗೆ ಸಾಂಸ್ಕೃತಿಕ ಕಾರ್ಯಕ್ರಮ ಜರುಗಲಿದೆ ಎಂದು ವಿವರಿಸಿದರು. ಸುದ್ದಿಗೋಷ್ಠಿಯಲ್ಲಿ ರಾಜಯೋಗಿನಿ ಡಾ. ಲಕ್ಷ್ಮಿ ಇದ್ದರು.
